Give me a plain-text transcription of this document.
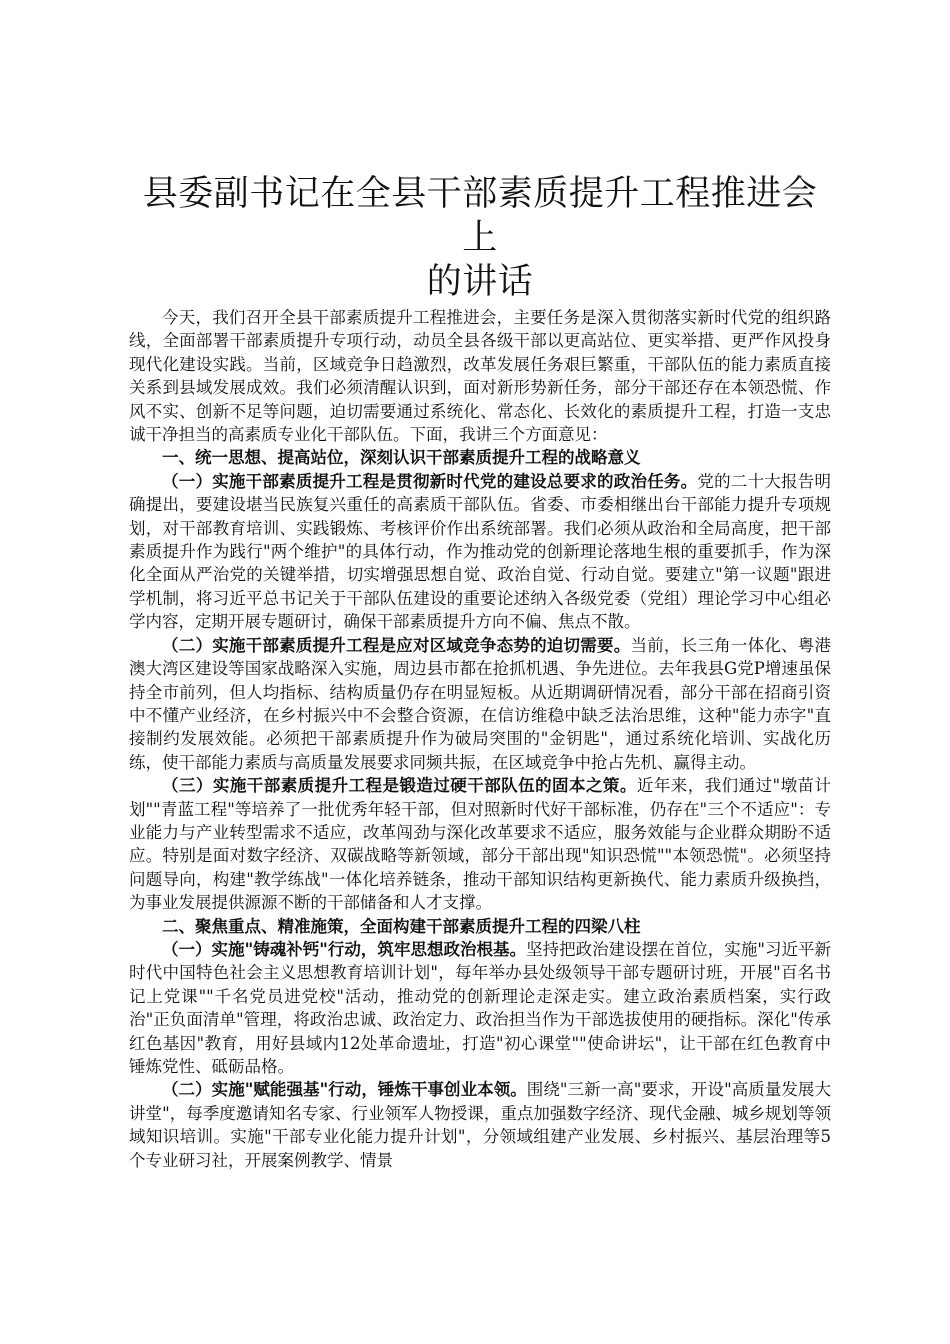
县委副书记在全县干部素质提升工程推进会上
的讲话

今天，我们召开全县干部素质提升工程推进会，主要任务是深入贯彻落实新时代党的组织路线，全面部署干部素质提升专项行动，动员全县各级干部以更高站位、更实举措、更严作风投身现代化建设实践。当前，区域竞争日趋激烈，改革发展任务艰巨繁重，干部队伍的能力素质直接关系到县域发展成效。我们必须清醒认识到，面对新形势新任务，部分干部还存在本领恐慌、作风不实、创新不足等问题，迫切需要通过系统化、常态化、长效化的素质提升工程，打造一支忠诚干净担当的高素质专业化干部队伍。下面，我讲三个方面意见：

一、统一思想、提高站位，深刻认识干部素质提升工程的战略意义

（一）实施干部素质提升工程是贯彻新时代党的建设总要求的政治任务。党的二十大报告明确提出，要建设堪当民族复兴重任的高素质干部队伍。省委、市委相继出台干部能力提升专项规划，对干部教育培训、实践锻炼、考核评价作出系统部署。我们必须从政治和全局高度，把干部素质提升作为践行"两个维护"的具体行动，作为推动党的创新理论落地生根的重要抓手，作为深化全面从严治党的关键举措，切实增强思想自觉、政治自觉、行动自觉。要建立"第一议题"跟进学机制，将习近平总书记关于干部队伍建设的重要论述纳入各级党委（党组）理论学习中心组必学内容，定期开展专题研讨，确保干部素质提升方向不偏、焦点不散。

（二）实施干部素质提升工程是应对区域竞争态势的迫切需要。当前，长三角一体化、粤港澳大湾区建设等国家战略深入实施，周边县市都在抢抓机遇、争先进位。去年我县G党P增速虽保持全市前列，但人均指标、结构质量仍存在明显短板。从近期调研情况看，部分干部在招商引资中不懂产业经济，在乡村振兴中不会整合资源，在信访维稳中缺乏法治思维，这种"能力赤字"直接制约发展效能。必须把干部素质提升作为破局突围的"金钥匙"，通过系统化培训、实战化历练，使干部能力素质与高质量发展要求同频共振，在区域竞争中抢占先机、赢得主动。

（三）实施干部素质提升工程是锻造过硬干部队伍的固本之策。近年来，我们通过"墩苗计划""青蓝工程"等培养了一批优秀年轻干部，但对照新时代好干部标准，仍存在"三个不适应"：专业能力与产业转型需求不适应，改革闯劲与深化改革要求不适应，服务效能与企业群众期盼不适应。特别是面对数字经济、双碳战略等新领域，部分干部出现"知识恐慌""本领恐慌"。必须坚持问题导向，构建"教学练战"一体化培养链条，推动干部知识结构更新换代、能力素质升级换挡，为事业发展提供源源不断的干部储备和人才支撑。

二、聚焦重点、精准施策，全面构建干部素质提升工程的四梁八柱

（一）实施"铸魂补钙"行动，筑牢思想政治根基。坚持把政治建设摆在首位，实施"习近平新时代中国特色社会主义思想教育培训计划"，每年举办县处级领导干部专题研讨班，开展"百名书记上党课""千名党员进党校"活动，推动党的创新理论走深走实。建立政治素质档案，实行政治"正负面清单"管理，将政治忠诚、政治定力、政治担当作为干部选拔使用的硬指标。深化"传承红色基因"教育，用好县域内12处革命遗址，打造"初心课堂""使命讲坛"，让干部在红色教育中锤炼党性、砥砺品格。

（二）实施"赋能强基"行动，锤炼干事创业本领。围绕"三新一高"要求，开设"高质量发展大讲堂"，每季度邀请知名专家、行业领军人物授课，重点加强数字经济、现代金融、城乡规划等领域知识培训。实施"干部专业化能力提升计划"，分领域组建产业发展、乡村振兴、基层治理等5个专业研习社，开展案例教学、情景
